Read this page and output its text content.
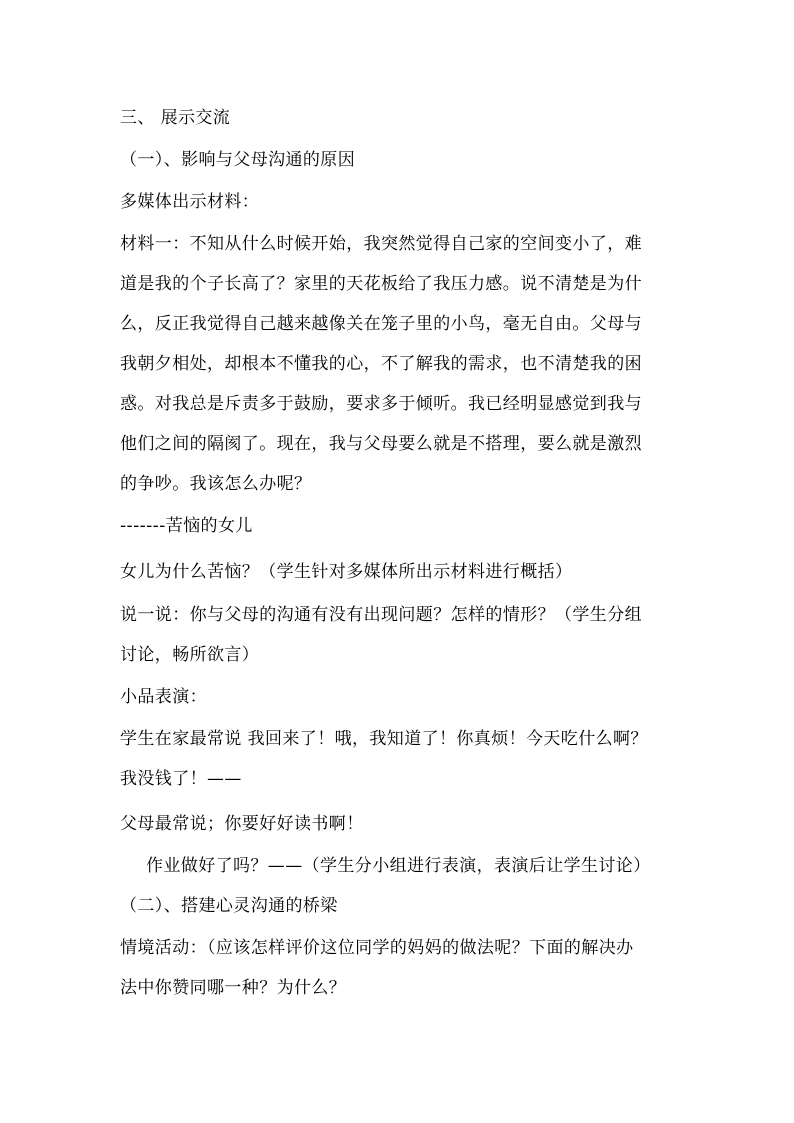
三、 展示交流
（一）、影响与父母沟通的原因
多媒体出示材料：
材料一：不知从什么时候开始，我突然觉得自己家的空间变小了，难
道是我的个子长高了？家里的天花板给了我压力感。说不清楚是为什
么，反正我觉得自己越来越像关在笼子里的小鸟，毫无自由。父母与
我朝夕相处，却根本不懂我的心，不了解我的需求，也不清楚我的困
惑。对我总是斥责多于鼓励，要求多于倾听。我已经明显感觉到我与
他们之间的隔阂了。现在，我与父母要么就是不搭理，要么就是激烈
的争吵。我该怎么办呢？
-------苦恼的女儿
女儿为什么苦恼？（学生针对多媒体所出示材料进行概括）
说一说：你与父母的沟通有没有出现问题？怎样的情形？（学生分组
讨论，畅所欲言）
小品表演：
学生在家最常说 我回来了！哦，我知道了！你真烦！今天吃什么啊？
我没钱了！——
父母最常说；你要好好读书啊！
作业做好了吗？——（学生分小组进行表演，表演后让学生讨论）
（二）、搭建心灵沟通的桥梁
情境活动：（应该怎样评价这位同学的妈妈的做法呢？下面的解决办
法中你赞同哪一种？为什么？
